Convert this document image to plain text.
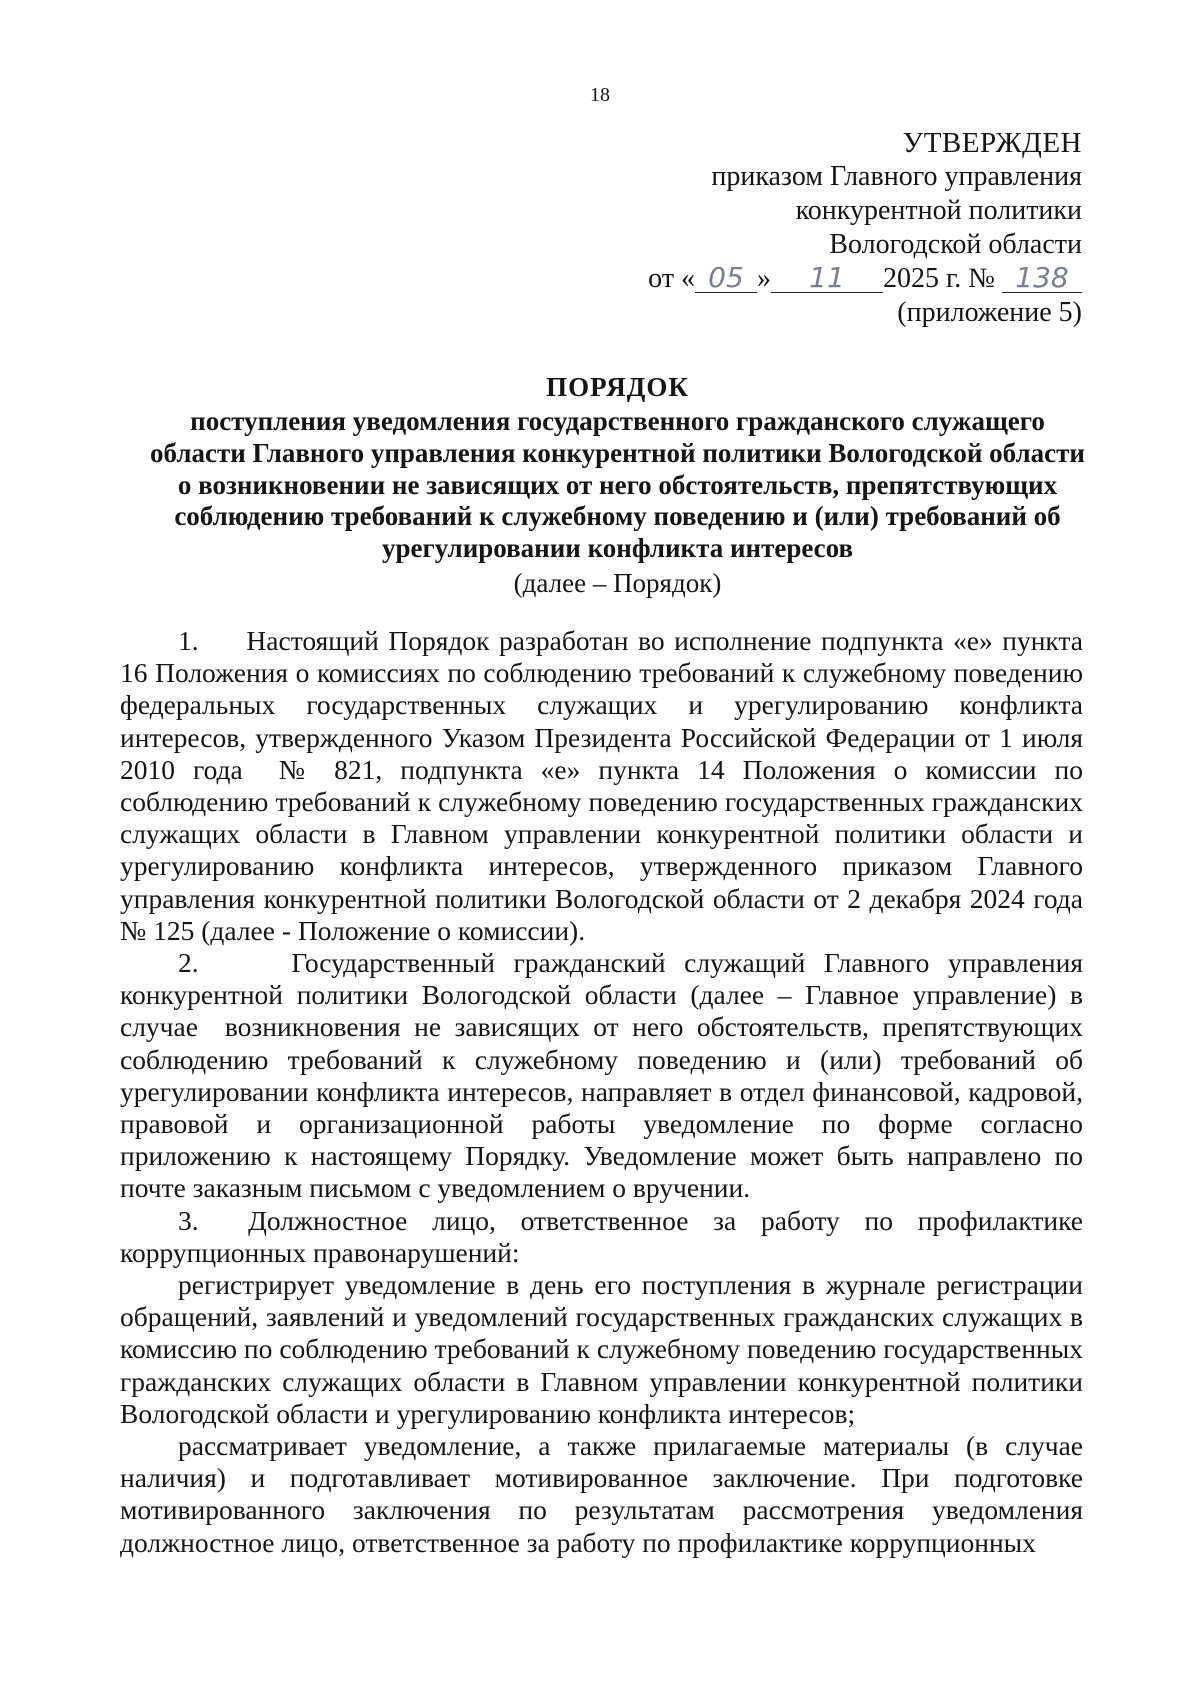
18
УТВЕРЖДЕН
приказом Главного управления
конкурентной политики
Вологодской области
от « 05 » 11 2025 г. № 138
(приложение 5)
ПОРЯДОК
поступления уведомления государственного гражданского служащего области Главного управления конкурентной политики Вологодской области о возникновении не зависящих от него обстоятельств, препятствующих соблюдению требований к служебному поведению и (или) требований об урегулировании конфликта интересов
(далее – Порядок)

1.     Настоящий Порядок разработан во исполнение подпункта «е» пункта 16 Положения о комиссиях по соблюдению требований к служебному поведению федеральных государственных служащих и урегулированию конфликта интересов, утвержденного Указом Президента Российской Федерации от 1 июля 2010 года  № 821, подпункта «е» пункта 14 Положения о комиссии по соблюдению требований к служебному поведению государственных гражданских служащих области в Главном управлении конкурентной политики области и урегулированию конфликта интересов, утвержденного приказом Главного управления конкурентной политики Вологодской области от 2 декабря 2024 года № 125 (далее - Положение о комиссии).

2.     Государственный гражданский служащий Главного управления конкурентной политики Вологодской области (далее – Главное управление) в случае  возникновения не зависящих от него обстоятельств, препятствующих соблюдению требований к служебному поведению и (или) требований об урегулировании конфликта интересов, направляет в отдел финансовой, кадровой, правовой и организационной работы уведомление по форме согласно приложению к настоящему Порядку. Уведомление может быть направлено по почте заказным письмом с уведомлением о вручении.

3.  Должностное лицо, ответственное за работу по профилактике коррупционных правонарушений:

регистрирует уведомление в день его поступления в журнале регистрации обращений, заявлений и уведомлений государственных гражданских служащих в комиссию по соблюдению требований к служебному поведению государственных гражданских служащих области в Главном управлении конкурентной политики Вологодской области и урегулированию конфликта интересов;

рассматривает уведомление, а также прилагаемые материалы (в случае наличия) и подготавливает мотивированное заключение. При подготовке мотивированного заключения по результатам рассмотрения уведомления должностное лицо, ответственное за работу по профилактике коррупционных
